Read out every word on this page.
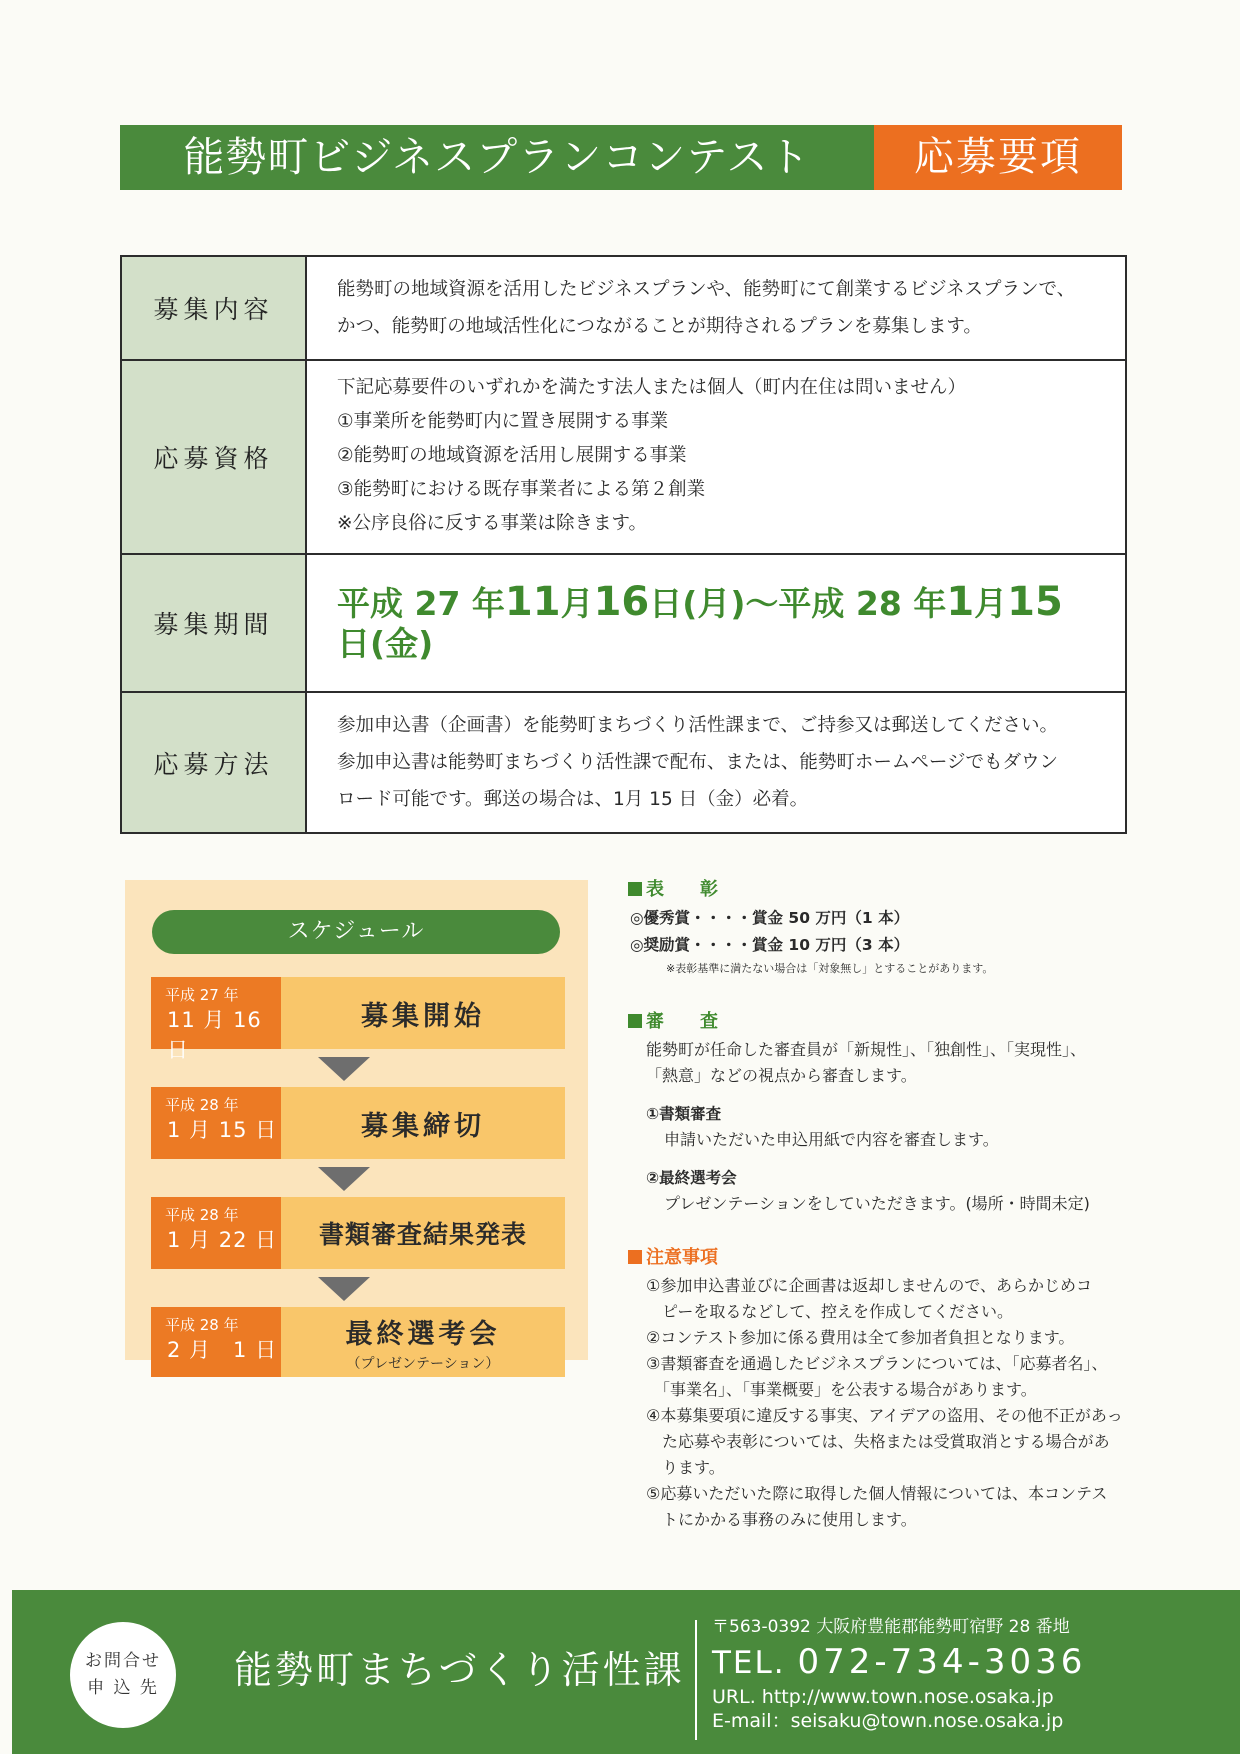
能勢町ビジネスプランコンテスト	応募要項
募集内容
能勢町の地域資源を活用したビジネスプランや、能勢町にて創業するビジネスプランで、
かつ、能勢町の地域活性化につながることが期待されるプランを募集します。
応募資格
下記応募要件のいずれかを満たす法人または個人（町内在住は問いません）
①事業所を能勢町内に置き展開する事業
②能勢町の地域資源を活用し展開する事業
③能勢町における既存事業者による第２創業
※公序良俗に反する事業は除きます。
募集期間
平成 27 年11月16日(月)～平成 28 年1月15日(金)
応募方法
参加申込書（企画書）を能勢町まちづくり活性課まで、ご持参又は郵送してください。
参加申込書は能勢町まちづくり活性課で配布、または、能勢町ホームページでもダウン
ロード可能です。郵送の場合は、1月 15 日（金）必着。
スケジュール
平成 27 年
11 月 16 日
募集開始
平成 28 年
1 月 15 日	募集締切
平成 28 年
1 月 22 日	書類審査結果発表
平成 28 年
2 月　1 日
最終選考会
（プレゼンテーション）
表　　彰
◎優秀賞・・・・賞金 50 万円（1 本）
◎奨励賞・・・・賞金 10 万円（3 本）
※表彰基準に満たない場合は「対象無し」とすることがあります。
審　　査
能勢町が任命した審査員が「新規性」、「独創性」、「実現性」、
「熱意」などの視点から審査します。
①書類審査
申請いただいた申込用紙で内容を審査します。
②最終選考会
プレゼンテーションをしていただきます。(場所・時間未定)
注意事項
①参加申込書並びに企画書は返却しませんので、あらかじめコ
　ピーを取るなどして、控えを作成してください。
②コンテスト参加に係る費用は全て参加者負担となります。
③書類審査を通過したビジネスプランについては、「応募者名」、
　「事業名」、「事業概要」を公表する場合があります。
④本募集要項に違反する事実、アイデアの盗用、その他不正があっ
　た応募や表彰については、失格または受賞取消とする場合があ
　ります。
⑤応募いただいた際に取得した個人情報については、本コンテス
　トにかかる事務のみに使用します。
お問合せ
申 込 先 能勢町まちづくり活性課
〒563-0392 大阪府豊能郡能勢町宿野 28 番地
TEL. 072-734-3036
URL. http://www.town.nose.osaka.jp
E-mail：seisaku@town.nose.osaka.jp
